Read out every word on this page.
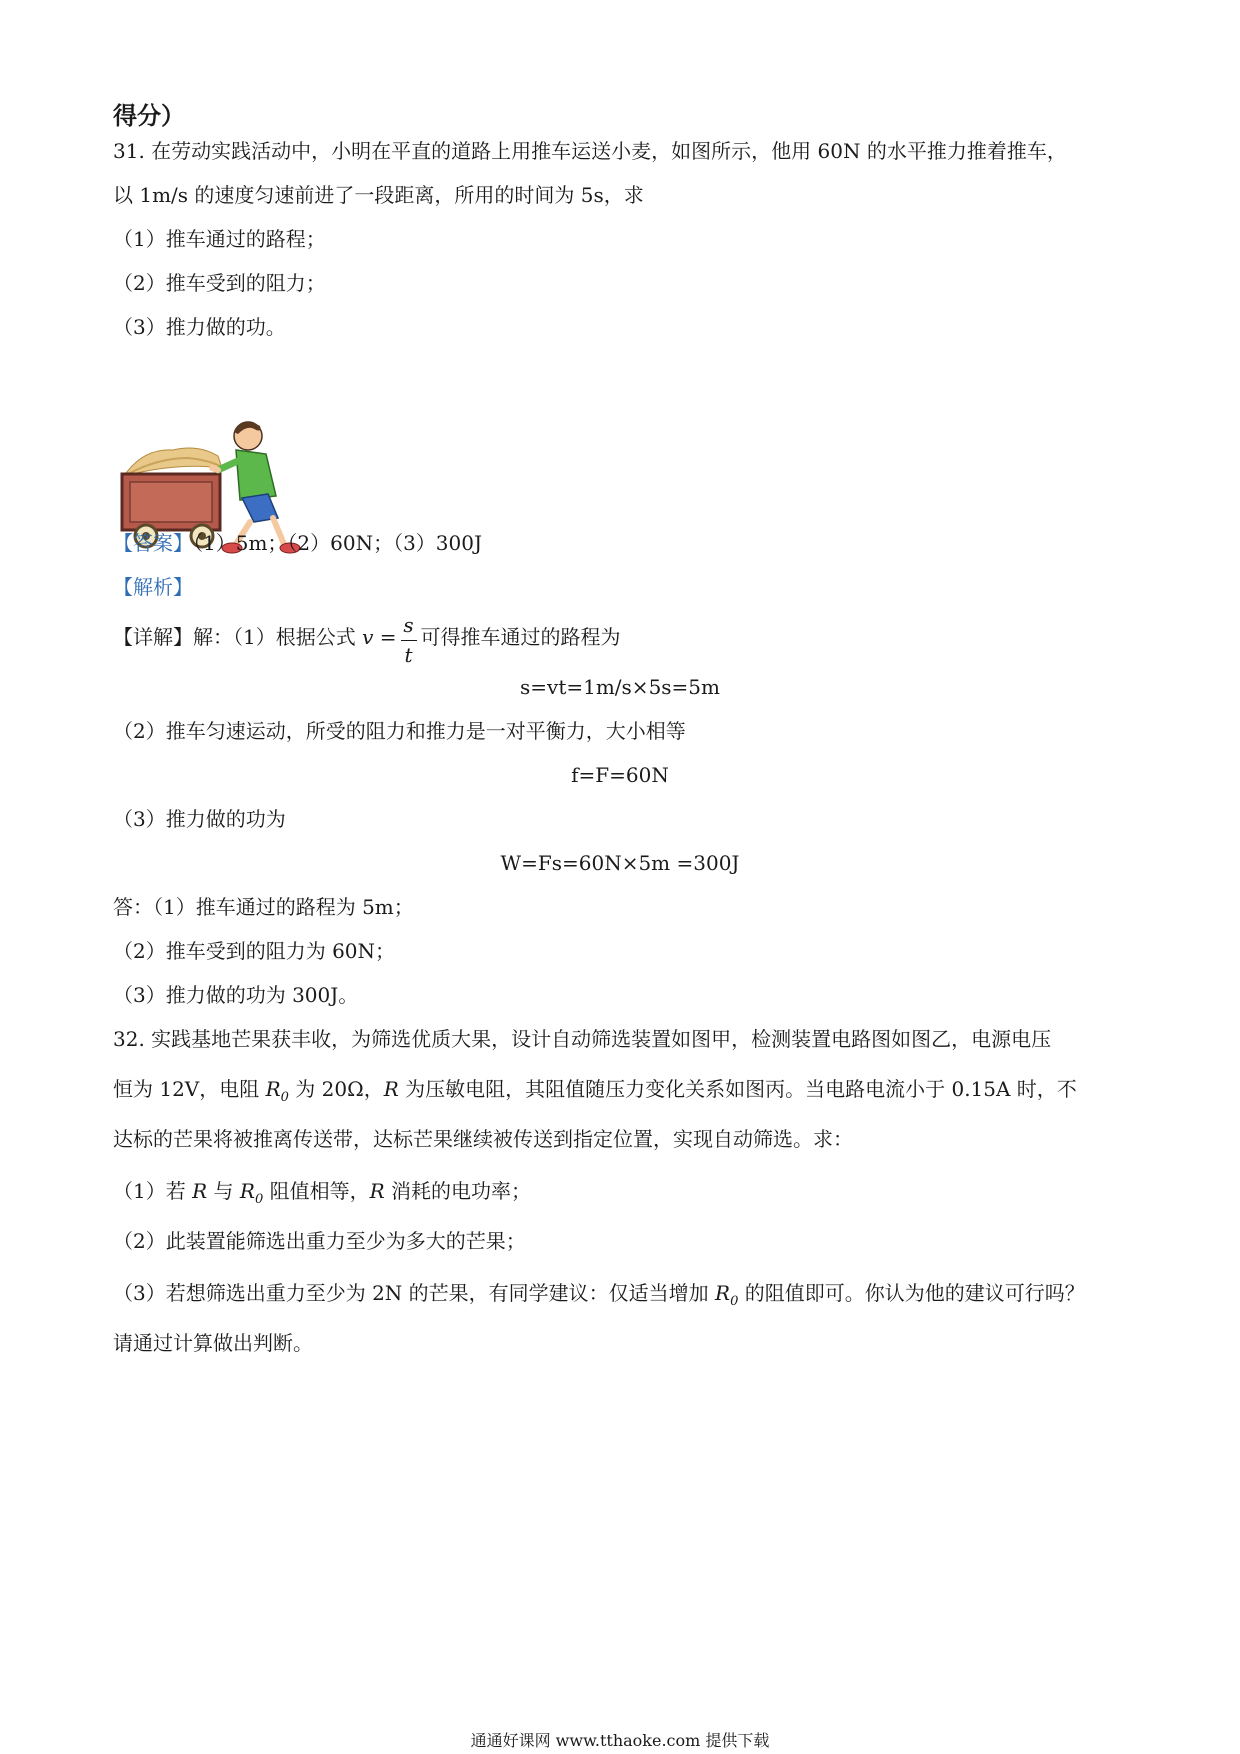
得分）
31. 在劳动实践活动中，小明在平直的道路上用推车运送小麦，如图所示，他用 60N 的水平推力推着推车，
以 1m/s 的速度匀速前进了一段距离，所用的时间为 5s，求
（1）推车通过的路程；
（2）推车受到的阻力；
（3）推力做的功。
【答案】（1）5m；（2）60N；（3）300J
【解析】
【详解】解：（1）根据公式 $v = \frac{s}{t}$ 可得推车通过的路程为
s=vt=1m/s×5s=5m
（2）推车匀速运动，所受的阻力和推力是一对平衡力，大小相等
f=F=60N
（3）推力做的功为
W=Fs=60N×5m =300J
答：（1）推车通过的路程为 5m；
（2）推车受到的阻力为 60N；
（3）推力做的功为 300J。
32. 实践基地芒果获丰收，为筛选优质大果，设计自动筛选装置如图甲，检测装置电路图如图乙，电源电压
恒为 12V，电阻 $R_0$ 为 20Ω，R 为压敏电阻，其阻值随压力变化关系如图丙。当电路电流小于 0.15A 时，不
达标的芒果将被推离传送带，达标芒果继续被传送到指定位置，实现自动筛选。求：
（1）若 R 与 $R_0$ 阻值相等，R 消耗的电功率；
（2）此装置能筛选出重力至少为多大的芒果；
（3）若想筛选出重力至少为 2N 的芒果，有同学建议：仅适当增加 $R_0$ 的阻值即可。你认为他的建议可行吗？
请通过计算做出判断。
通通好课网 www.tthaoke.com 提供下载
